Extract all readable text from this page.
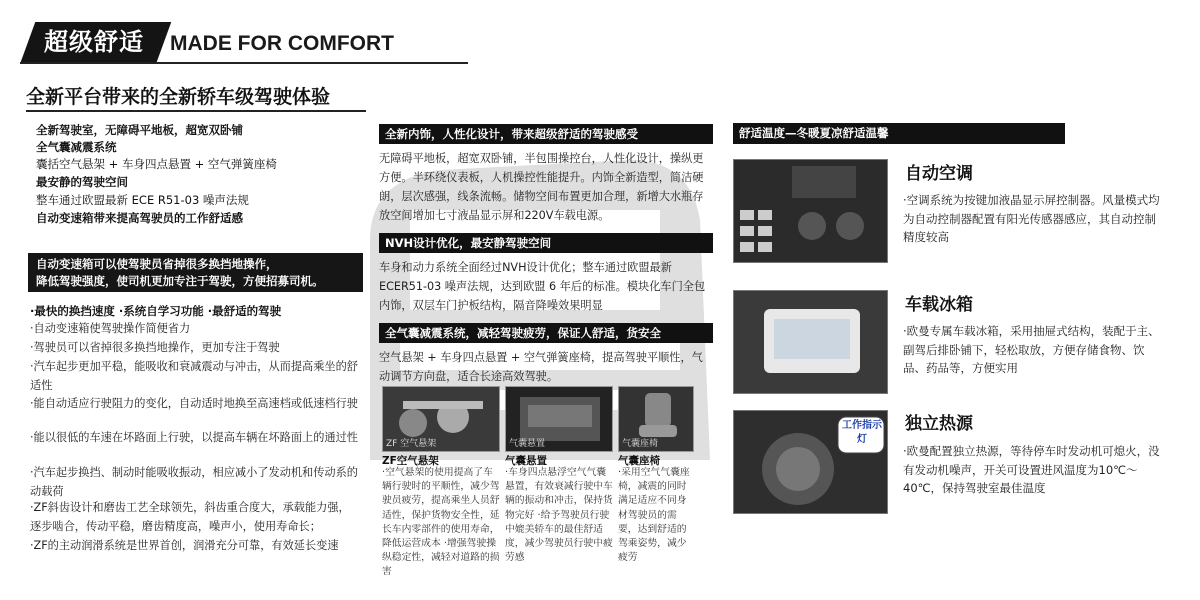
超级舒适 MADE FOR COMFORT
全新平台带来的全新轿车级驾驶体验
全新驾驶室，无障碍平地板，超宽双卧铺
全气囊减震系统
囊括空气悬架 + 车身四点悬置 + 空气弹簧座椅
最安静的驾驶空间
整车通过欧盟最新 ECE R51-03 噪声法规
自动变速箱带来提高驾驶员的工作舒适感
自动变速箱可以使驾驶员省掉很多换挡地操作，
降低驾驶强度，使司机更加专注于驾驶，方便招募司机。
·最快的换挡速度 ·系统自学习功能 ·最舒适的驾驶
·自动变速箱使驾驶操作简便省力
·驾驶员可以省掉很多换挡地操作，更加专注于驾驶
·汽车起步更加平稳，能吸收和衰减震动与冲击，从而提高乘坐的舒适性
·能自动适应行驶阻力的变化，自动适时地换至高速档或低速档行驶
·能以很低的车速在坏路面上行驶，以提高车辆在坏路面上的通过性
·汽车起步换挡、制动时能吸收振动，相应减小了发动机和传动系的动载荷
·ZF斜齿设计和磨齿工艺全球领先，斜齿重合度大，承载能力强，逐步啮合，传动平稳，磨齿精度高，噪声小，使用寿命长；
·ZF的主动润滑系统是世界首创，润滑充分可靠，有效延长变速
全新内饰，人性化设计，带来超级舒适的驾驶感受
无障碍平地板，超宽双卧铺，半包围操控台，人性化设计，操纵更方便。半环绕仪表板，人机操控性能提升。内饰全新造型，简洁硬朗，层次感强，线条流畅。储物空间布置更加合理，新增大水瓶存放空间增加七寸液晶显示屏和220V车载电源。
NVH设计优化，最安静驾驶空间
车身和动力系统全面经过NVH设计优化；整车通过欧盟最新ECER51-03 噪声法规，达到欧盟 6 年后的标准。模块化车门全包内饰，双层车门护板结构，隔音降噪效果明显
全气囊减震系统，减轻驾驶疲劳，保证人舒适，货安全
空气悬架 + 车身四点悬置 + 空气弹簧座椅，提高驾驶平顺性，气动调节方向盘，适合长途高效驾驶。
ZF 空气悬架	气囊悬置	气囊座椅
ZF空气悬架
·空气悬架的使用提高了车辆行驶时的平顺性，减少驾驶员疲劳，提高乘坐人员舒适性，保护货物安全性，延长车内零部件的使用寿命，降低运营成本 ·增强驾驶操纵稳定性，减轻对道路的损害
气囊悬置
·车身四点悬浮空气气囊悬置，有效衰减行驶中车辆的振动和冲击，保持货物完好 ·给予驾驶员行驶中媲美轿车的最佳舒适度，减少驾驶员行驶中疲劳感
气囊座椅
·采用空气气囊座椅，减震的同时满足适应不同身材驾驶员的需要，达到舒适的驾乘姿势，减少疲劳
舒适温度—冬暖夏凉舒适温馨
自动空调
·空调系统为按键加液晶显示屏控制器。风量模式均为自动控制器配置有阳光传感器感应，其自动控制精度较高
车载冰箱
·欧曼专属车载冰箱，采用抽屉式结构，装配于主、副驾后排卧铺下，轻松取放，方便存储食物、饮品、药品等，方便实用
工作指示灯
独立热源
·欧曼配置独立热源，等待停车时发动机可熄火，没有发动机噪声，开关可设置进风温度为10℃～40℃，保持驾驶室最佳温度
